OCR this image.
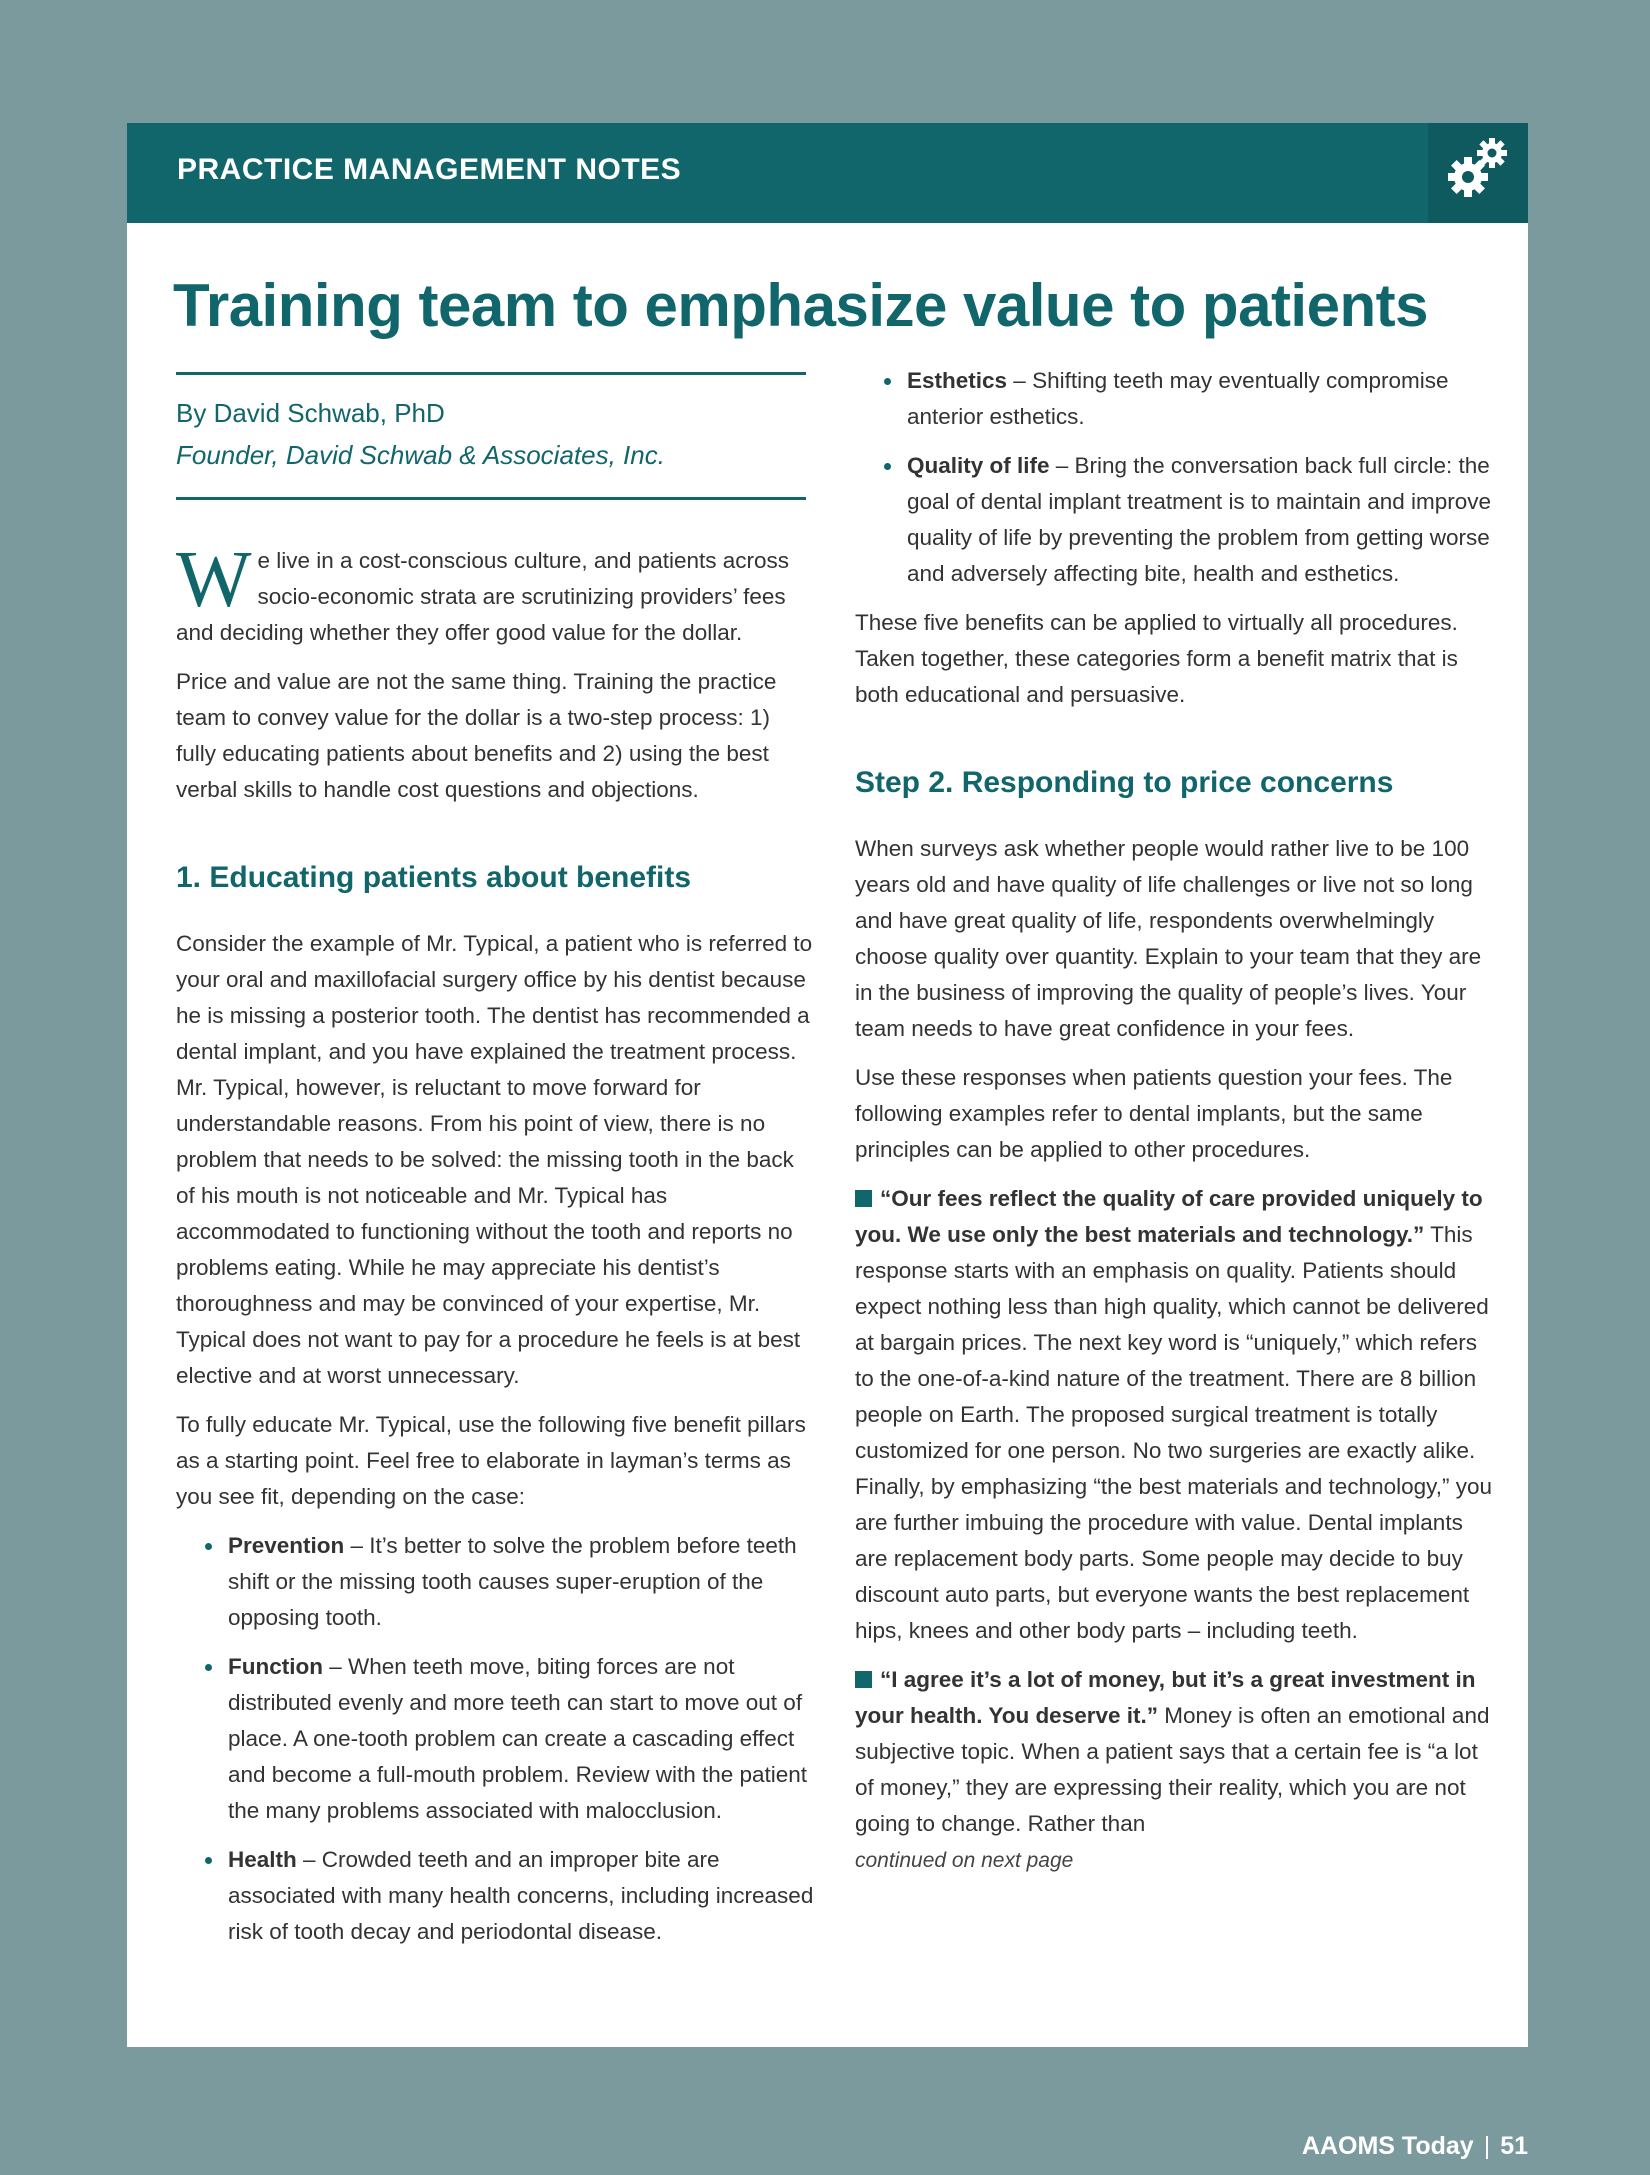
PRACTICE MANAGEMENT NOTES
Training team to emphasize value to patients
By David Schwab, PhD
Founder, David Schwab & Associates, Inc.

We live in a cost-conscious culture, and patients across socio-economic strata are scrutinizing providers’ fees and deciding whether they offer good value for the dollar.

Price and value are not the same thing. Training the practice team to convey value for the dollar is a two-step process: 1) fully educating patients about benefits and 2) using the best verbal skills to handle cost questions and objections.

1. Educating patients about benefits

Consider the example of Mr. Typical, a patient who is referred to your oral and maxillofacial surgery office by his dentist because he is missing a posterior tooth. The dentist has recommended a dental implant, and you have explained the treatment process. Mr. Typical, however, is reluctant to move forward for understandable reasons. From his point of view, there is no problem that needs to be solved: the missing tooth in the back of his mouth is not noticeable and Mr. Typical has accommodated to functioning without the tooth and reports no problems eating. While he may appreciate his dentist’s thoroughness and may be convinced of your expertise, Mr. Typical does not want to pay for a procedure he feels is at best elective and at worst unnecessary.

To fully educate Mr. Typical, use the following five benefit pillars as a starting point. Feel free to elaborate in layman’s terms as you see fit, depending on the case:

Prevention – It’s better to solve the problem before teeth shift or the missing tooth causes super-eruption of the opposing tooth.
Function – When teeth move, biting forces are not distributed evenly and more teeth can start to move out of place. A one-tooth problem can create a cascading effect and become a full-mouth problem. Review with the patient the many problems associated with malocclusion.
Health – Crowded teeth and an improper bite are associated with many health concerns, including increased risk of tooth decay and periodontal disease.
Esthetics – Shifting teeth may eventually compromise anterior esthetics.
Quality of life – Bring the conversation back full circle: the goal of dental implant treatment is to maintain and improve quality of life by preventing the problem from getting worse and adversely affecting bite, health and esthetics.

These five benefits can be applied to virtually all procedures. Taken together, these categories form a benefit matrix that is both educational and persuasive.

Step 2. Responding to price concerns

When surveys ask whether people would rather live to be 100 years old and have quality of life challenges or live not so long and have great quality of life, respondents overwhelmingly choose quality over quantity. Explain to your team that they are in the business of improving the quality of people’s lives. Your team needs to have great confidence in your fees.

Use these responses when patients question your fees. The following examples refer to dental implants, but the same principles can be applied to other procedures.

“Our fees reflect the quality of care provided uniquely to you. We use only the best materials and technology.” This response starts with an emphasis on quality. Patients should expect nothing less than high quality, which cannot be delivered at bargain prices. The next key word is “uniquely,” which refers to the one-of-a-kind nature of the treatment. There are 8 billion people on Earth. The proposed surgical treatment is totally customized for one person. No two surgeries are exactly alike. Finally, by emphasizing “the best materials and technology,” you are further imbuing the procedure with value. Dental implants are replacement body parts. Some people may decide to buy discount auto parts, but everyone wants the best replacement hips, knees and other body parts – including teeth.

“I agree it’s a lot of money, but it’s a great investment in your health. You deserve it.” Money is often an emotional and subjective topic. When a patient says that a certain fee is “a lot of money,” they are expressing their reality, which you are not going to change. Rather than
continued on next page

AAOMS Today | 51
